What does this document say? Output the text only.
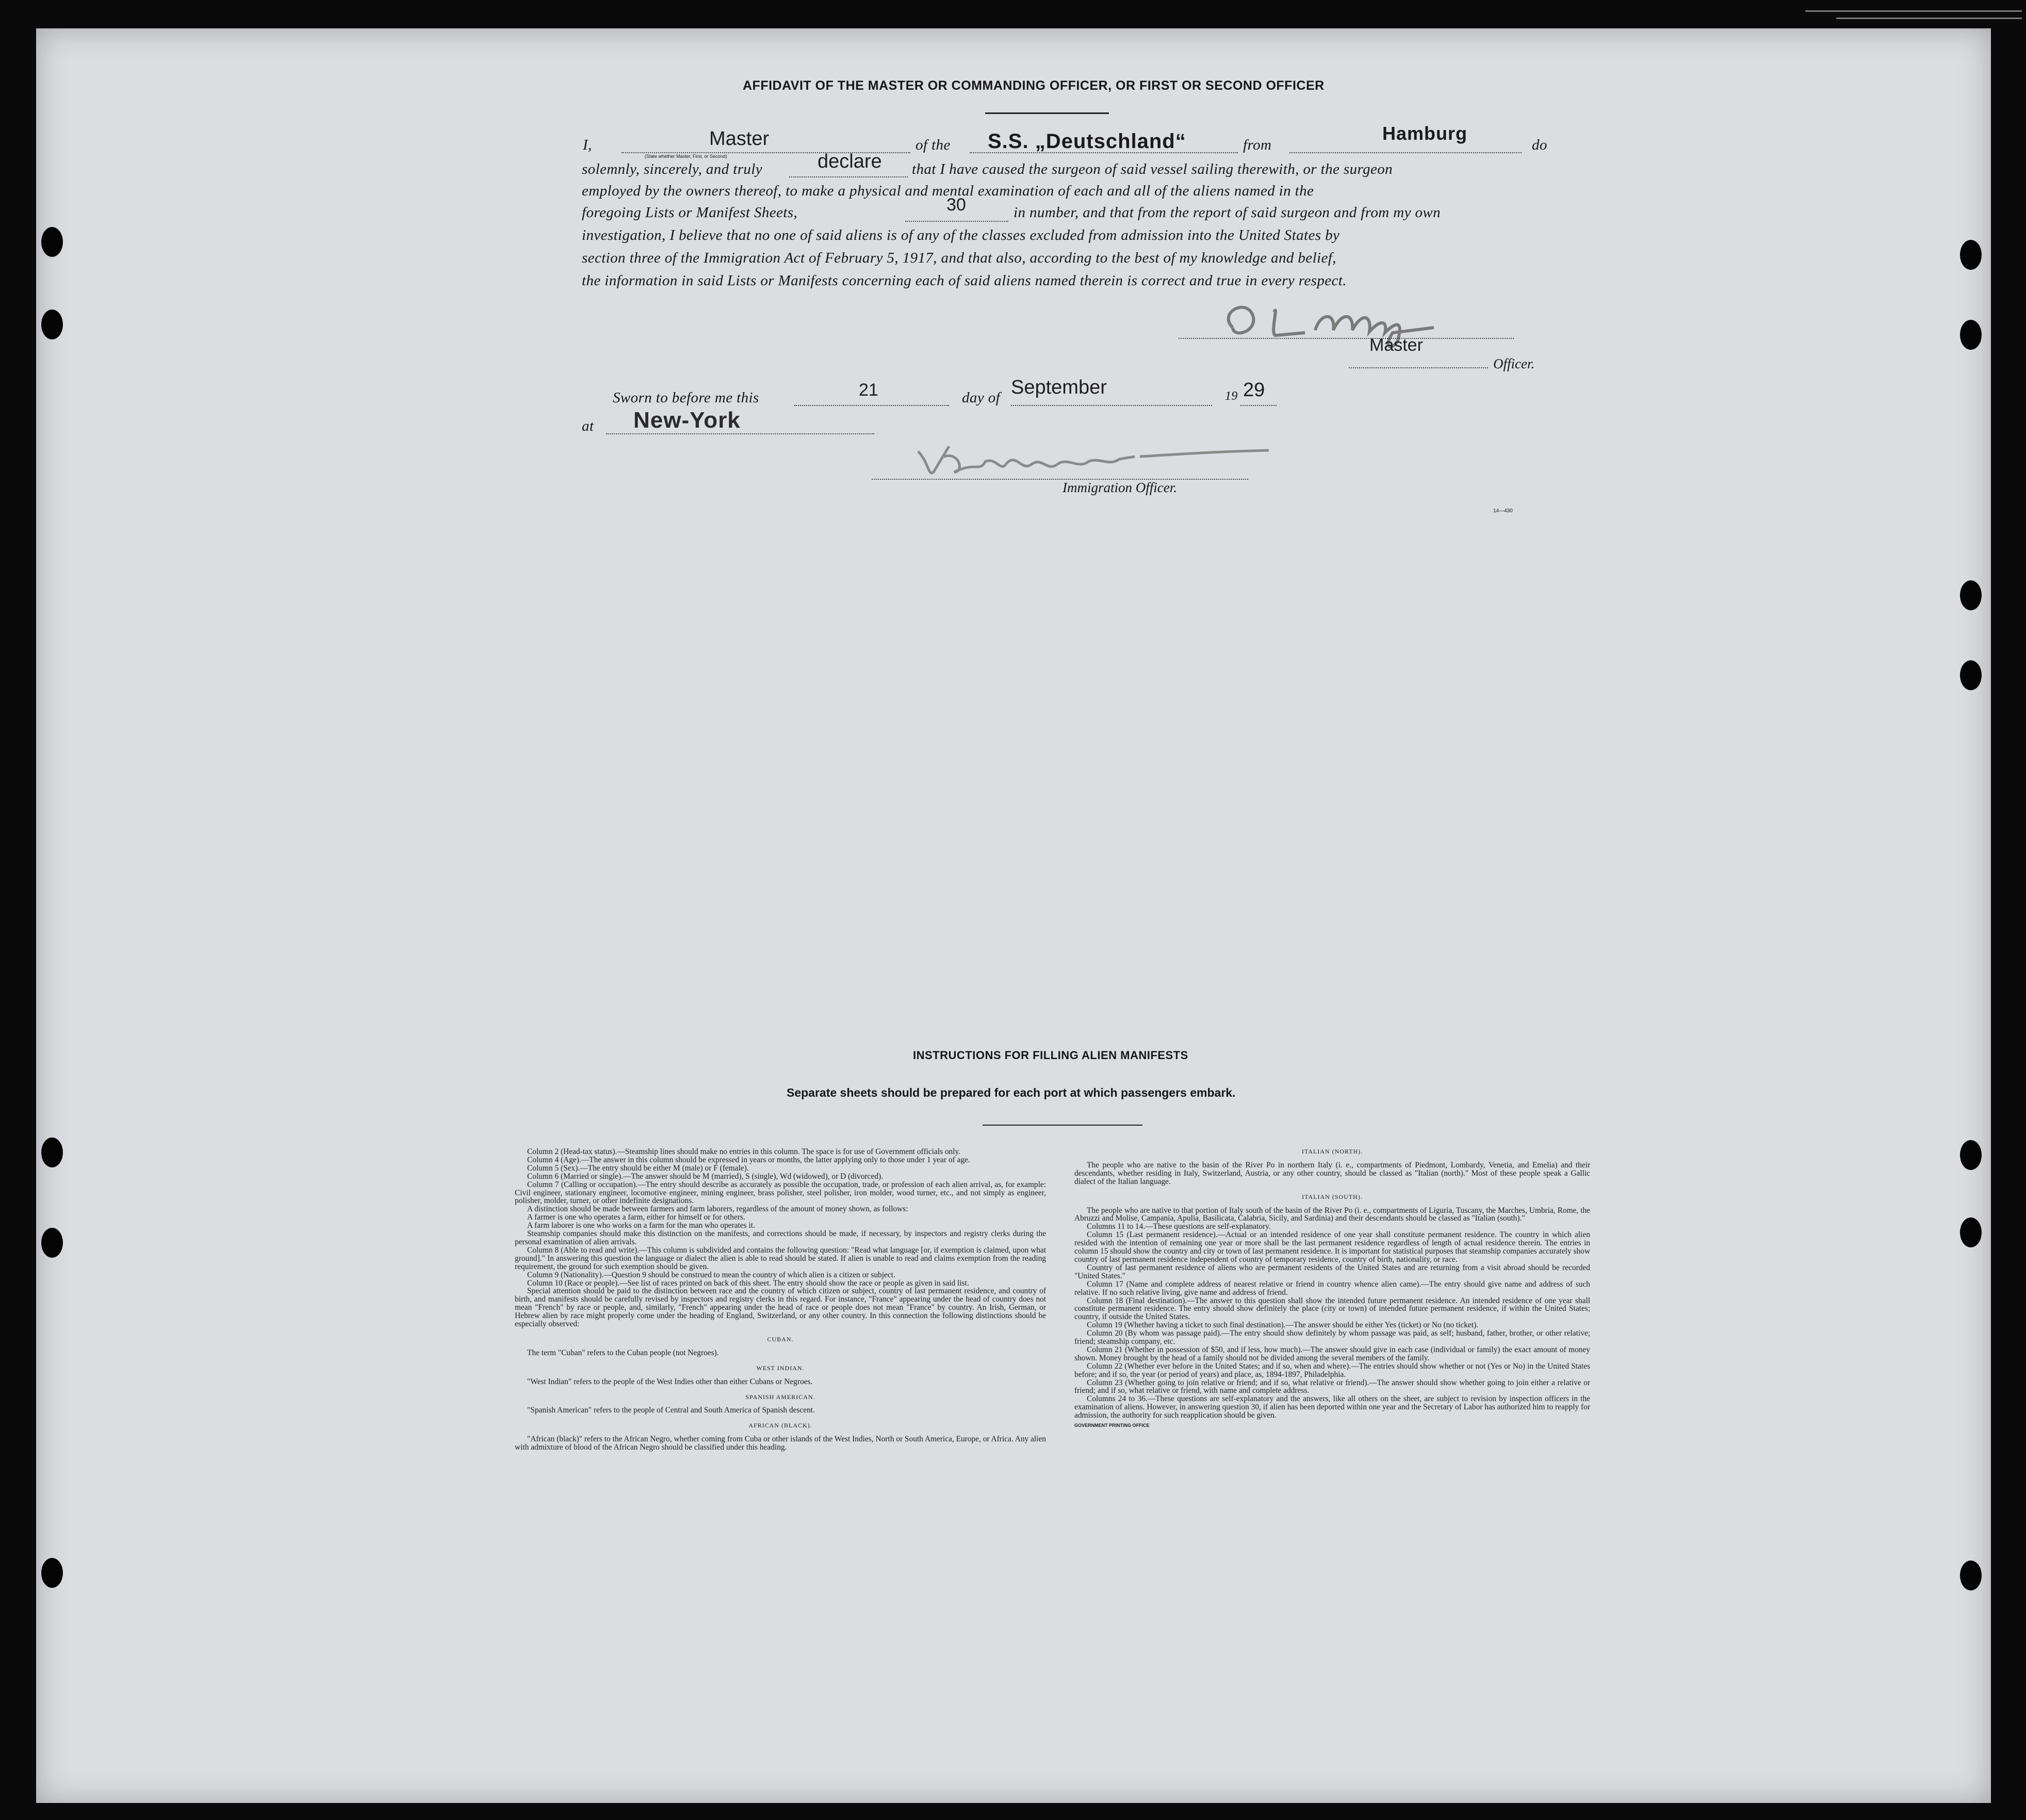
AFFIDAVIT OF THE MASTER OR COMMANDING OFFICER, OR FIRST OR SECOND OFFICER
I,	Master
(State whether Master, First, or Second)
of the S.S. „Deutschland“	from
Hamburg
do
solemnly, sincerely, and truly	declare that I have caused the surgeon of said vessel sailing therewith, or the surgeon
employed by the owners thereof, to make a physical and mental examination of each and all of the aliens named in the
foregoing Lists or Manifest Sheets,	30	in number, and that from the report of said surgeon and from my own
investigation, I believe that no one of said aliens is of any of the classes excluded from admission into the United States by
section three of the Immigration Act of February 5, 1917, and that also, according to the best of my knowledge and belief,
the information in said Lists or Manifests concerning each of said aliens named therein is correct and true in every respect.
Master
Officer.
Sworn to before me this	21	day of September	19 29
at New-York
Immigration Officer.
14—430
INSTRUCTIONS FOR FILLING ALIEN MANIFESTS
Separate sheets should be prepared for each port at which passengers embark.

Column 2 (Head-tax status).—Steamship lines should make no entries in this column. The space is for use of Government officials only.

Column 4 (Age).—The answer in this column should be expressed in years or months, the latter applying only to those under 1 year of age.

Column 5 (Sex).—The entry should be either M (male) or F (female).

Column 6 (Married or single).—The answer should be M (married), S (single), Wd (widowed), or D (divorced).

Column 7 (Calling or occupation).—The entry should describe as accurately as possible the occupation, trade, or profession of each alien arrival, as, for example: Civil engineer, stationary engineer, locomotive engineer, mining engineer, brass polisher, steel polisher, iron molder, wood turner, etc., and not simply as engineer, polisher, molder, turner, or other indefinite designations.

A distinction should be made between farmers and farm laborers, regardless of the amount of money shown, as follows:

A farmer is one who operates a farm, either for himself or for others.

A farm laborer is one who works on a farm for the man who operates it.

Steamship companies should make this distinction on the manifests, and corrections should be made, if necessary, by inspectors and registry clerks during the personal examination of alien arrivals.

Column 8 (Able to read and write).—This column is subdivided and contains the following question: "Read what language [or, if exemption is claimed, upon what ground]." In answering this question the language or dialect the alien is able to read should be stated. If alien is unable to read and claims exemption from the reading requirement, the ground for such exemption should be given.

Column 9 (Nationality).—Question 9 should be construed to mean the country of which alien is a citizen or subject.

Column 10 (Race or people).—See list of races printed on back of this sheet. The entry should show the race or people as given in said list.

Special attention should be paid to the distinction between race and the country of which citizen or subject, country of last permanent residence, and country of birth, and manifests should be carefully revised by inspectors and registry clerks in this regard. For instance, "France" appearing under the head of country does not mean "French" by race or people, and, similarly, "French" appearing under the head of race or people does not mean "France" by country. An Irish, German, or Hebrew alien by race might properly come under the heading of England, Switzerland, or any other country. In this connection the following distinctions should be especially observed:

CUBAN.

The term "Cuban" refers to the Cuban people (not Negroes).

WEST INDIAN.

"West Indian" refers to the people of the West Indies other than either Cubans or Negroes.

SPANISH AMERICAN.

"Spanish American" refers to the people of Central and South America of Spanish descent.

AFRICAN (BLACK).

"African (black)" refers to the African Negro, whether coming from Cuba or other islands of the West Indies, North or South America, Europe, or Africa. Any alien with admixture of blood of the African Negro should be classified under this heading.

ITALIAN (NORTH).

The people who are native to the basin of the River Po in northern Italy (i. e., compartments of Piedmont, Lombardy, Venetia, and Emelia) and their descendants, whether residing in Italy, Switzerland, Austria, or any other country, should be classed as "Italian (north)." Most of these people speak a Gallic dialect of the Italian language.

ITALIAN (SOUTH).

The people who are native to that portion of Italy south of the basin of the River Po (i. e., compartments of Liguria, Tuscany, the Marches, Umbria, Rome, the Abruzzi and Molise, Campania, Apulia, Basilicata, Calabria, Sicily, and Sardinia) and their descendants should be classed as "Italian (south)."

Columns 11 to 14.—These questions are self-explanatory.

Column 15 (Last permanent residence).—Actual or an intended residence of one year shall constitute permanent residence. The country in which alien resided with the intention of remaining one year or more shall be the last permanent residence regardless of length of actual residence therein. The entries in column 15 should show the country and city or town of last permanent residence. It is important for statistical purposes that steamship companies accurately show country of last permanent residence independent of country of temporary residence, country of birth, nationality, or race.

Country of last permanent residence of aliens who are permanent residents of the United States and are returning from a visit abroad should be recorded "United States."

Column 17 (Name and complete address of nearest relative or friend in country whence alien came).—The entry should give name and address of such relative. If no such relative living, give name and address of friend.

Column 18 (Final destination).—The answer to this question shall show the intended future permanent residence. An intended residence of one year shall constitute permanent residence. The entry should show definitely the place (city or town) of intended future permanent residence, if within the United States; country, if outside the United States.

Column 19 (Whether having a ticket to such final destination).—The answer should be either Yes (ticket) or No (no ticket).

Column 20 (By whom was passage paid).—The entry should show definitely by whom passage was paid, as self; husband, father, brother, or other relative; friend; steamship company, etc.

Column 21 (Whether in possession of $50, and if less, how much).—The answer should give in each case (individual or family) the exact amount of money shown. Money brought by the head of a family should not be divided among the several members of the family.

Column 22 (Whether ever before in the United States; and if so, when and where).—The entries should show whether or not (Yes or No) in the United States before; and if so, the year (or period of years) and place, as, 1894-1897, Philadelphia.

Column 23 (Whether going to join relative or friend; and if so, what relative or friend).—The answer should show whether going to join either a relative or friend; and if so, what relative or friend, with name and complete address.

Columns 24 to 36.—These questions are self-explanatory and the answers, like all others on the sheet, are subject to revision by inspection officers in the examination of aliens. However, in answering question 30, if alien has been deported within one year and the Secretary of Labor has authorized him to reapply for admission, the authority for such reapplication should be given.

GOVERNMENT PRINTING OFFICE
